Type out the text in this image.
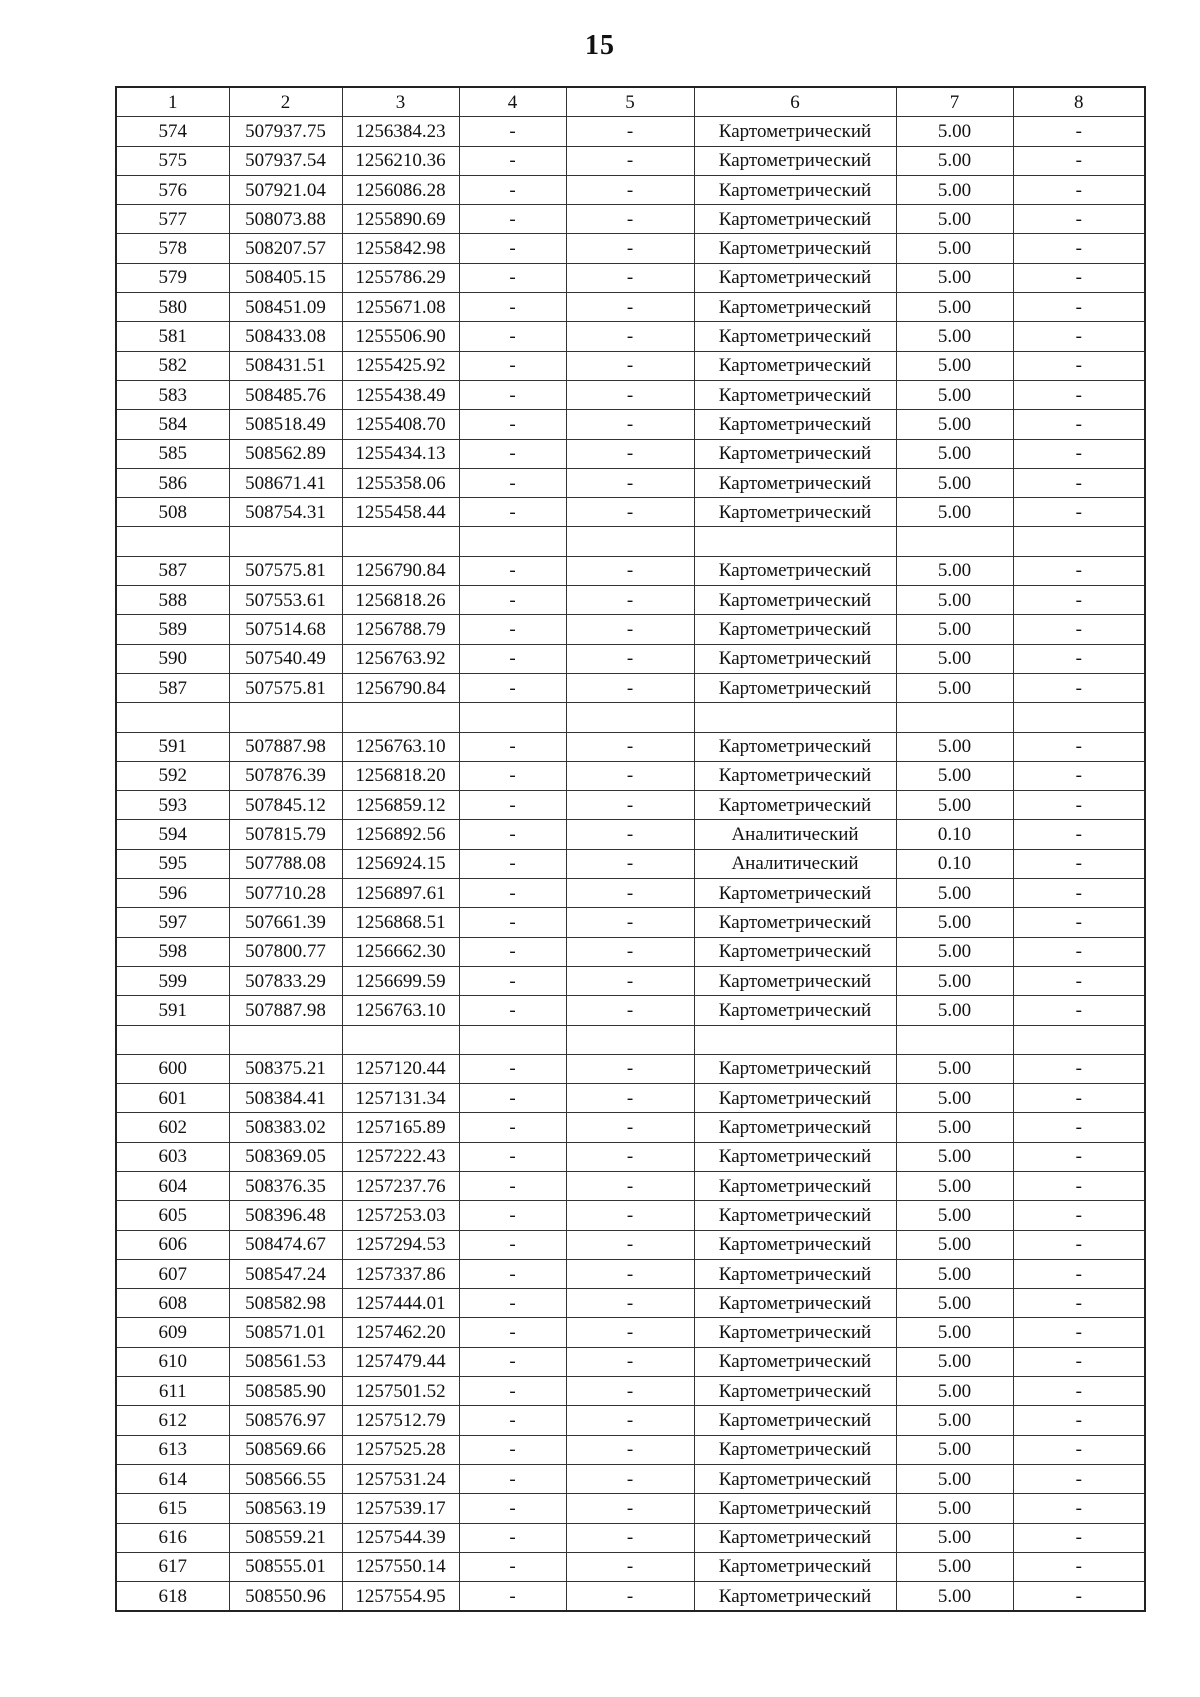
15
1	2	3	4	5	6	7	8
574	507937.75	1256384.23	-	-	Картометрический	5.00	-
575	507937.54	1256210.36	-	-	Картометрический	5.00	-
576	507921.04	1256086.28	-	-	Картометрический	5.00	-
577	508073.88	1255890.69	-	-	Картометрический	5.00	-
578	508207.57	1255842.98	-	-	Картометрический	5.00	-
579	508405.15	1255786.29	-	-	Картометрический	5.00	-
580	508451.09	1255671.08	-	-	Картометрический	5.00	-
581	508433.08	1255506.90	-	-	Картометрический	5.00	-
582	508431.51	1255425.92	-	-	Картометрический	5.00	-
583	508485.76	1255438.49	-	-	Картометрический	5.00	-
584	508518.49	1255408.70	-	-	Картометрический	5.00	-
585	508562.89	1255434.13	-	-	Картометрический	5.00	-
586	508671.41	1255358.06	-	-	Картометрический	5.00	-
508	508754.31	1255458.44	-	-	Картометрический	5.00	-

587	507575.81	1256790.84	-	-	Картометрический	5.00	-
588	507553.61	1256818.26	-	-	Картометрический	5.00	-
589	507514.68	1256788.79	-	-	Картометрический	5.00	-
590	507540.49	1256763.92	-	-	Картометрический	5.00	-
587	507575.81	1256790.84	-	-	Картометрический	5.00	-

591	507887.98	1256763.10	-	-	Картометрический	5.00	-
592	507876.39	1256818.20	-	-	Картометрический	5.00	-
593	507845.12	1256859.12	-	-	Картометрический	5.00	-
594	507815.79	1256892.56	-	-	Аналитический	0.10	-
595	507788.08	1256924.15	-	-	Аналитический	0.10	-
596	507710.28	1256897.61	-	-	Картометрический	5.00	-
597	507661.39	1256868.51	-	-	Картометрический	5.00	-
598	507800.77	1256662.30	-	-	Картометрический	5.00	-
599	507833.29	1256699.59	-	-	Картометрический	5.00	-
591	507887.98	1256763.10	-	-	Картометрический	5.00	-

600	508375.21	1257120.44	-	-	Картометрический	5.00	-
601	508384.41	1257131.34	-	-	Картометрический	5.00	-
602	508383.02	1257165.89	-	-	Картометрический	5.00	-
603	508369.05	1257222.43	-	-	Картометрический	5.00	-
604	508376.35	1257237.76	-	-	Картометрический	5.00	-
605	508396.48	1257253.03	-	-	Картометрический	5.00	-
606	508474.67	1257294.53	-	-	Картометрический	5.00	-
607	508547.24	1257337.86	-	-	Картометрический	5.00	-
608	508582.98	1257444.01	-	-	Картометрический	5.00	-
609	508571.01	1257462.20	-	-	Картометрический	5.00	-
610	508561.53	1257479.44	-	-	Картометрический	5.00	-
611	508585.90	1257501.52	-	-	Картометрический	5.00	-
612	508576.97	1257512.79	-	-	Картометрический	5.00	-
613	508569.66	1257525.28	-	-	Картометрический	5.00	-
614	508566.55	1257531.24	-	-	Картометрический	5.00	-
615	508563.19	1257539.17	-	-	Картометрический	5.00	-
616	508559.21	1257544.39	-	-	Картометрический	5.00	-
617	508555.01	1257550.14	-	-	Картометрический	5.00	-
618	508550.96	1257554.95	-	-	Картометрический	5.00	-
